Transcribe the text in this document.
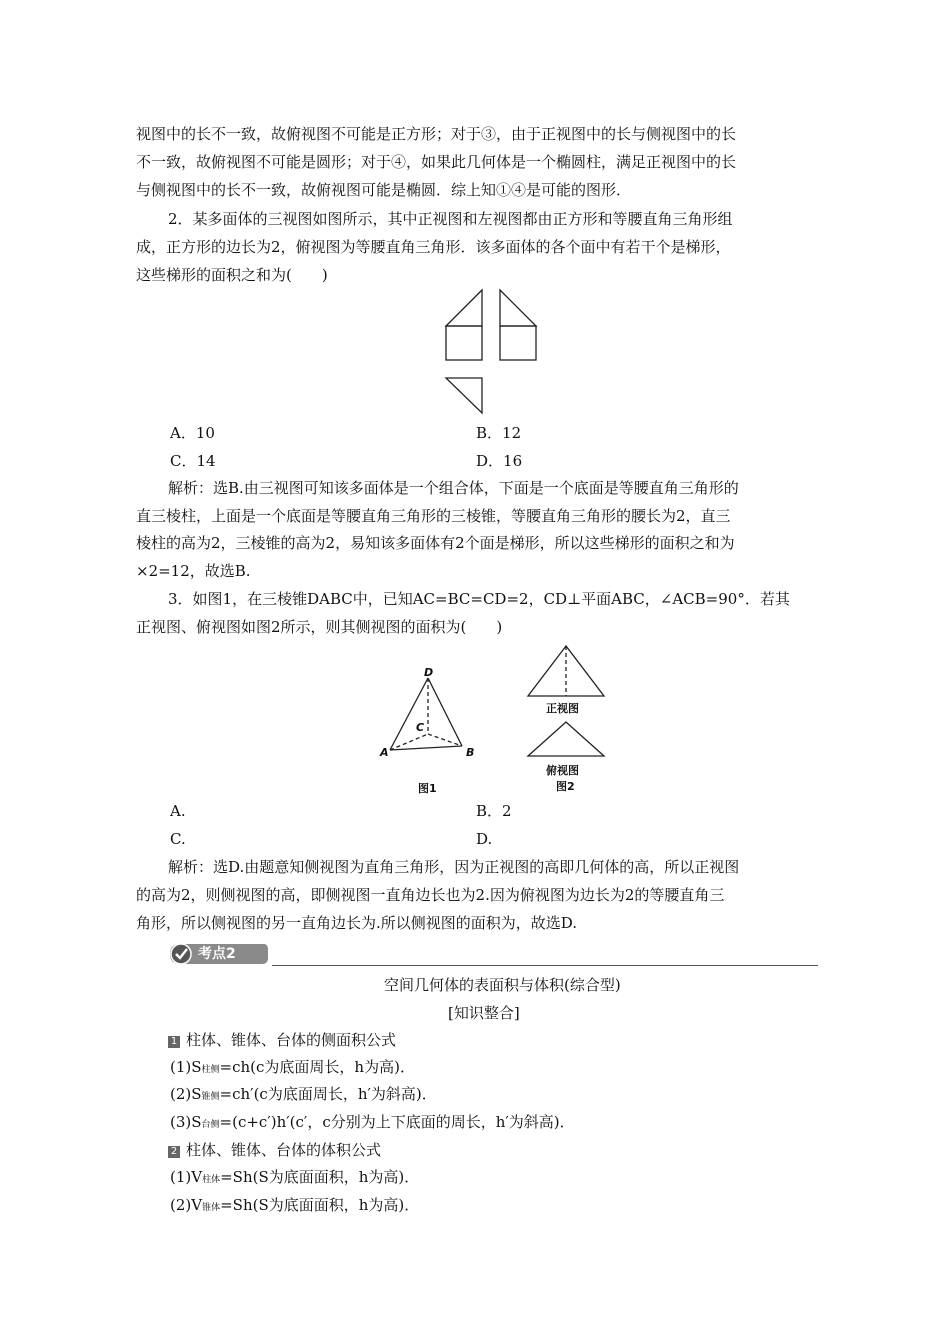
视图中的长不一致，故俯视图不可能是正方形；对于③，由于正视图中的长与侧视图中的长
不一致，故俯视图不可能是圆形；对于④，如果此几何体是一个椭圆柱，满足正视图中的长
与侧视图中的长不一致，故俯视图可能是椭圆．综上知①④是可能的图形．
2．某多面体的三视图如图所示，其中正视图和左视图都由正方形和等腰直角三角形组
成，正方形的边长为2，俯视图为等腰直角三角形．该多面体的各个面中有若干个是梯形，
这些梯形的面积之和为(　　)
A．10	B．12
C．14	D．16
解析：选B.由三视图可知该多面体是一个组合体，下面是一个底面是等腰直角三角形的
直三棱柱，上面是一个底面是等腰直角三角形的三棱锥，等腰直角三角形的腰长为2，直三
棱柱的高为2，三棱锥的高为2，易知该多面体有2个面是梯形，所以这些梯形的面积之和为
×2=12，故选B.
3．如图1，在三棱锥DABC中，已知AC=BC=CD=2，CD⊥平面ABC，∠ACB=90°．若其
正视图、俯视图如图2所示，则其侧视图的面积为(　　)
D
C
A	B
图1
正视图
俯视图
图2
A.	B．2
C.	D.
解析：选D.由题意知侧视图为直角三角形，因为正视图的高即几何体的高，所以正视图
的高为2，则侧视图的高，即侧视图一直角边长也为2.因为俯视图为边长为2的等腰直角三
角形，所以侧视图的另一直角边长为.所以侧视图的面积为，故选D.
考点2
空间几何体的表面积与体积(综合型)
[知识整合]
1 柱体、锥体、台体的侧面积公式
(1)S柱侧=ch(c为底面周长，h为高)．
(2)S锥侧=ch′(c为底面周长，h′为斜高)．
(3)S台侧=(c+c′)h′(c′，c分别为上下底面的周长，h′为斜高)．
2 柱体、锥体、台体的体积公式
(1)V柱体=Sh(S为底面面积，h为高)．
(2)V锥体=Sh(S为底面面积，h为高)．
